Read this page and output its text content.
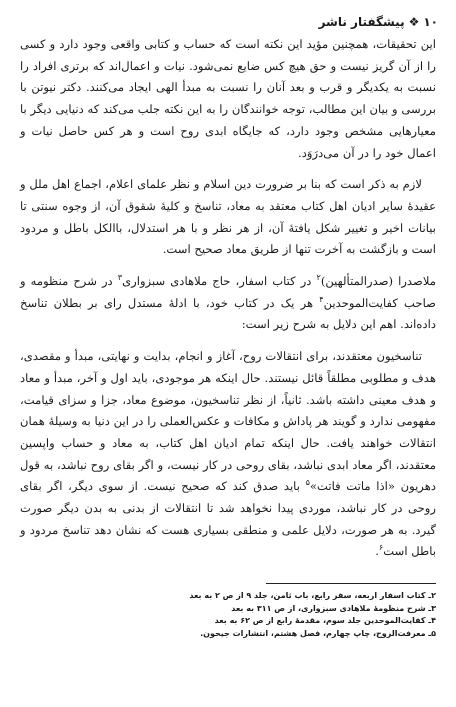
۱۰
❖
پیشگفتار ناشر

این تحقیقات، همچنین مؤید این نکته است که حساب و کتابی واقعی وجود دارد و کسی را از آن گریز نیست و حق هیچ کس ضایع نمی‌شود. نیات و اعمال‌اند که برتری افراد را نسبت به یکدیگر و قرب و بعد آنان را نسبت به مبدأ الهی ایجاد می‌کنند. دکتر نیوتن با بررسی و بیان این مطالب، توجه خوانندگان را به این نکته جلب می‌کند که دنیایی دیگر با معیارهایی مشخص وجود دارد، که جایگاه ابدی روح است و هر کس حاصل نیات و اعمال خود را در آن می‌درَوَد.

لازم به ذکر است که بنا بر ضرورت دین اسلام و نظر علمای اعلام، اجماع اهل ملل و عقیدهٔ سایر ادیان اهل کتاب معتقد به معاد، تناسخ و کلیهٔ شقوق آن، از وجوه سنتی تا بیانات اخیر و تغییر شکل یافتهٔ آن، از هر نظر و با هر استدلال، باالکل باطل و مردود است و بازگشت به آخرت تنها از طریق معاد صحیح است.

ملاصدرا (صدرالمتألهین)$^۲$ در کتاب اسفار، حاج ملاهادی سبزواری$^۳$ در شرح منظومه و صاحب کفایت‌الموحدین$^۴$ هر یک در کتاب خود، با ادلهٔ مستدل رای بر بطلان تناسخ داده‌اند. اهم این دلایل به شرح زیر است:

تناسخیون معتقدند، برای انتقالات روح، آغاز و انجام، بدایت و نهایتی، مبدأ و مقصدی، هدف و مطلوبی مطلقاً قائل نیستند. حال اینکه هر موجودی، باید اول و آخر، مبدأ و معاد و هدف معینی داشته باشد. ثانیاً، از نظر تناسخیون، موضوع معاد، جزا و سزای قیامت، مفهومی ندارد و گویند هر پاداش و مکافات و عکس‌العملی را در این دنیا به وسیلهٔ همان انتقالات خواهند یافت. حال اینکه تمام ادیان اهل کتاب، به معاد و حساب واپسین معتقدند، اگر معاد ابدی نباشد، بقای روحی در کار نیست، و اگر بقای روح نباشد، به قول دهریون «اذا ماتت فاتت»$^۵$ باید صدق کند که صحیح نیست. از سوی دیگر، اگر بقای روحی در کار نباشد، موردی پیدا نخواهد شد تا انتقالات از بدنی به بدن دیگر صورت گیرد. به هر صورت، دلایل علمی و منطقی بسیاری هست که نشان دهد تناسخ مردود و باطل است$^۶$.

۲ـ کتاب اسفار اربعه، سفر رابع، باب ثامن، جلد ۹ از ص ۲ به بعد
۳ـ شرح منظومهٔ ملاهادی سبزواری، از ص ۳۱۱ به بعد
۴ـ کفایت‌الموحدین جلد سوم، مقدمهٔ رابع از ص ۶۲ به بعد
۵ـ معرفت‌الروح، چاپ چهارم، فصل هشتم، انتشارات جیحون.
